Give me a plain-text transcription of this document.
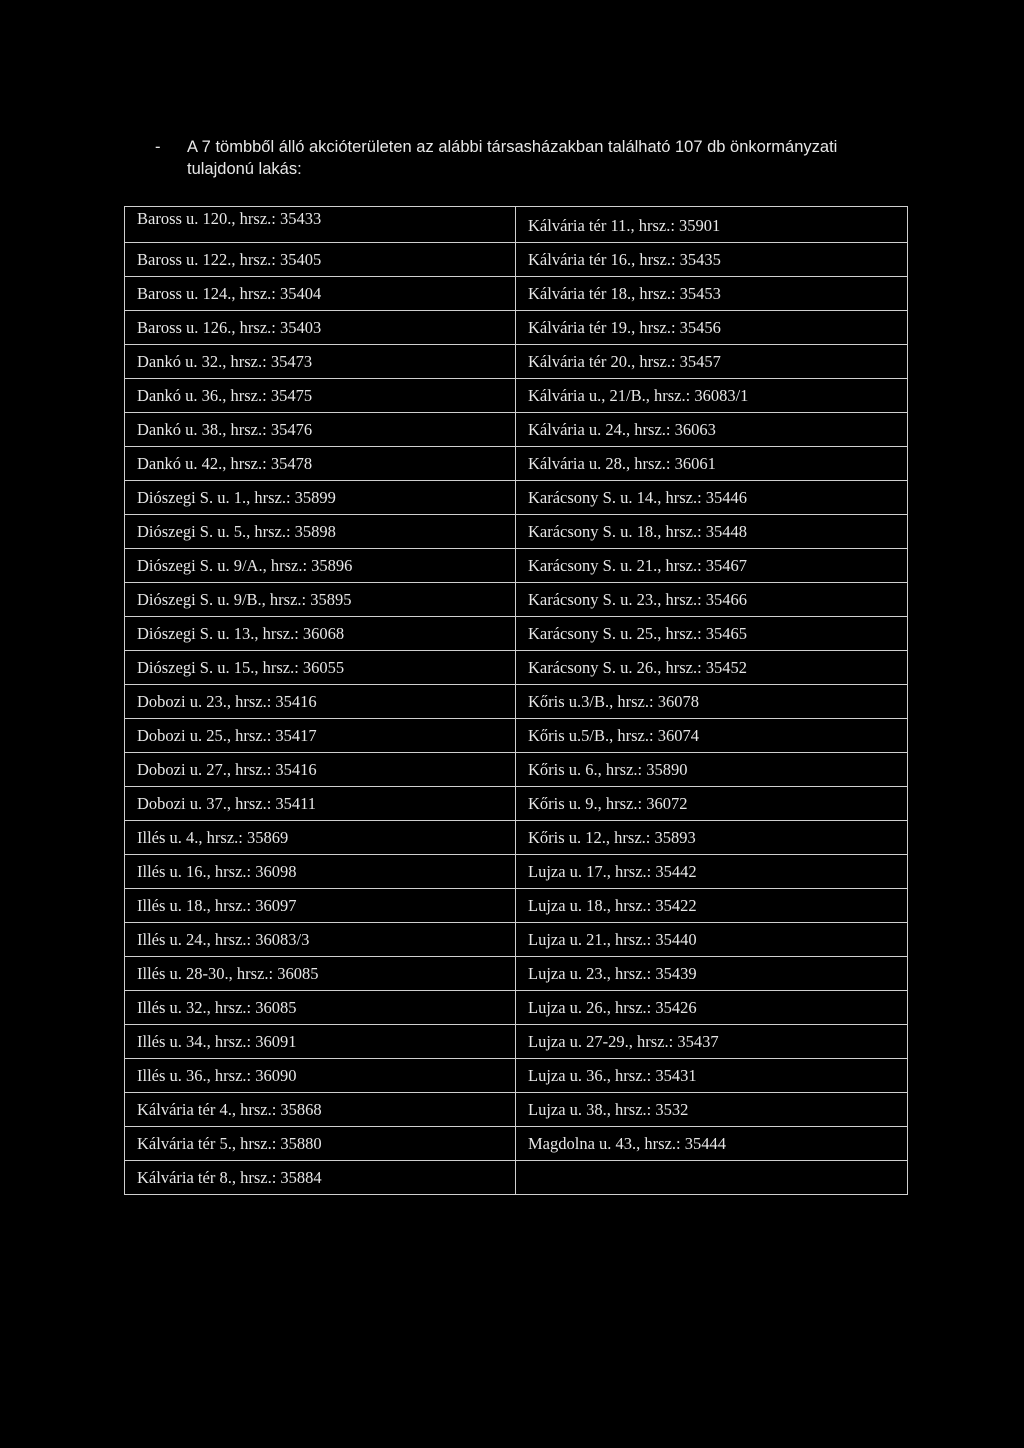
- A 7 tömbből álló akcióterületen az alábbi társasházakban található 107 db önkormányzati
tulajdonú lakás:
Baross u. 120., hrsz.: 35433	Kálvária tér 11., hrsz.: 35901
Baross u. 122., hrsz.: 35405	Kálvária tér 16., hrsz.: 35435
Baross u. 124., hrsz.: 35404	Kálvária tér 18., hrsz.: 35453
Baross u. 126., hrsz.: 35403	Kálvária tér 19., hrsz.: 35456
Dankó u. 32., hrsz.: 35473	Kálvária tér 20., hrsz.: 35457
Dankó u. 36., hrsz.: 35475	Kálvária u., 21/B., hrsz.: 36083/1
Dankó u. 38., hrsz.: 35476	Kálvária u. 24., hrsz.: 36063
Dankó u. 42., hrsz.: 35478	Kálvária u. 28., hrsz.: 36061
Diószegi S. u. 1., hrsz.: 35899	Karácsony S. u. 14., hrsz.: 35446
Diószegi S. u. 5., hrsz.: 35898	Karácsony S. u. 18., hrsz.: 35448
Diószegi S. u. 9/A., hrsz.: 35896	Karácsony S. u. 21., hrsz.: 35467
Diószegi S. u. 9/B., hrsz.: 35895	Karácsony S. u. 23., hrsz.: 35466
Diószegi S. u. 13., hrsz.: 36068	Karácsony S. u. 25., hrsz.: 35465
Diószegi S. u. 15., hrsz.: 36055	Karácsony S. u. 26., hrsz.: 35452
Dobozi u. 23., hrsz.: 35416	Kőris u.3/B., hrsz.: 36078
Dobozi u. 25., hrsz.: 35417	Kőris u.5/B., hrsz.: 36074
Dobozi u. 27., hrsz.: 35416	Kőris u. 6., hrsz.: 35890
Dobozi u. 37., hrsz.: 35411	Kőris u. 9., hrsz.: 36072
Illés u. 4., hrsz.: 35869	Kőris u. 12., hrsz.: 35893
Illés u. 16., hrsz.: 36098	Lujza u. 17., hrsz.: 35442
Illés u. 18., hrsz.: 36097	Lujza u. 18., hrsz.: 35422
Illés u. 24., hrsz.: 36083/3	Lujza u. 21., hrsz.: 35440
Illés u. 28-30., hrsz.: 36085	Lujza u. 23., hrsz.: 35439
Illés u. 32., hrsz.: 36085	Lujza u. 26., hrsz.: 35426
Illés u. 34., hrsz.: 36091	Lujza u. 27-29., hrsz.: 35437
Illés u. 36., hrsz.: 36090	Lujza u. 36., hrsz.: 35431
Kálvária tér 4., hrsz.: 35868	Lujza u. 38., hrsz.: 3532
Kálvária tér 5., hrsz.: 35880	Magdolna u. 43., hrsz.: 35444
Kálvária tér 8., hrsz.: 35884	
